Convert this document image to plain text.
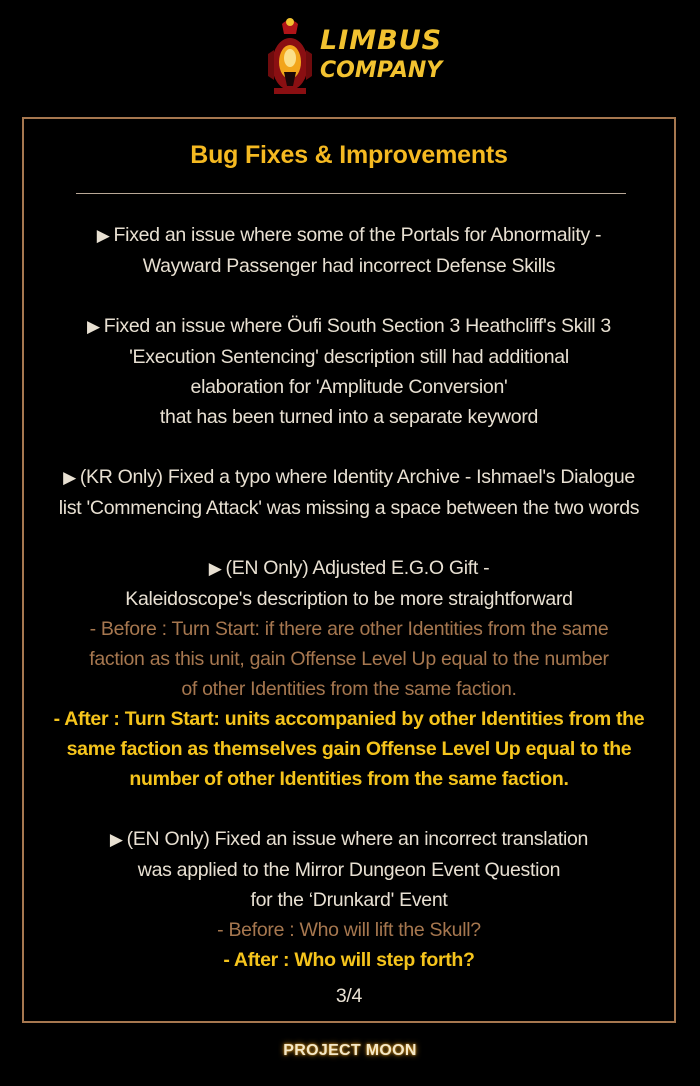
LIMBUS
COMPANY
Bug Fixes & Improvements
▶ Fixed an issue where some of the Portals for Abnormality -
Wayward Passenger had incorrect Defense Skills
▶ Fixed an issue where Öufi South Section 3 Heathcliff's Skill 3
'Execution Sentencing' description still had additional
elaboration for 'Amplitude Conversion'
that has been turned into a separate keyword
▶ (KR Only) Fixed a typo where Identity Archive - Ishmael's Dialogue
list 'Commencing Attack' was missing a space between the two words
▶ (EN Only) Adjusted E.G.O Gift -
Kaleidoscope's description to be more straightforward
- Before : Turn Start: if there are other Identities from the same
faction as this unit, gain Offense Level Up equal to the number
of other Identities from the same faction.
- After : Turn Start: units accompanied by other Identities from the
same faction as themselves gain Offense Level Up equal to the
number of other Identities from the same faction.
▶ (EN Only) Fixed an issue where an incorrect translation
was applied to the Mirror Dungeon Event Question
for the ‘Drunkard' Event
- Before : Who will lift the Skull?
- After : Who will step forth?
3/4
PROJECT MOON
